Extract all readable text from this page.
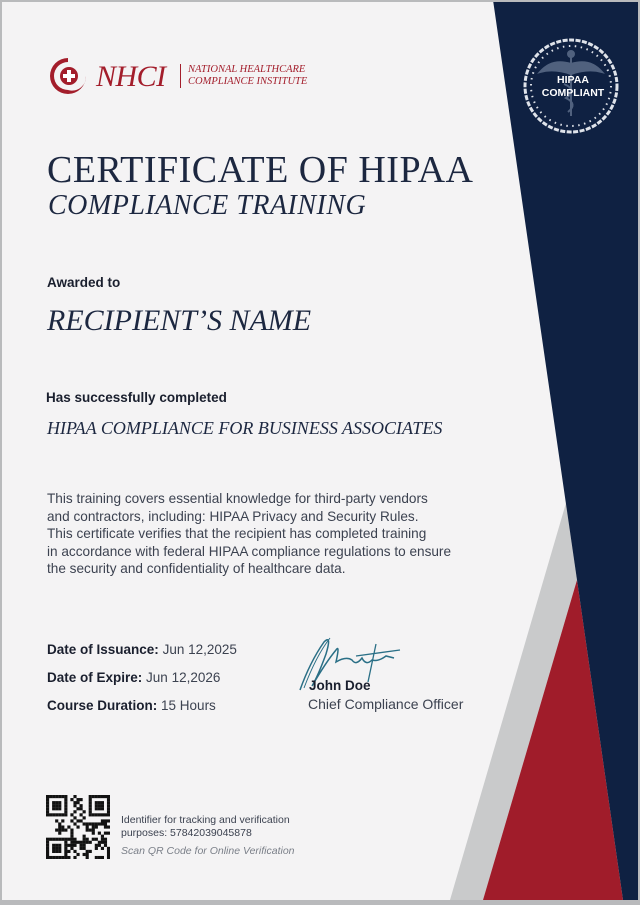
HIPAA
COMPLIANT
NHCI NATIONAL HEALTHCARE
COMPLIANCE INSTITUTE
CERTIFICATE OF HIPAA
COMPLIANCE TRAINING
Awarded to
RECIPIENT’S NAME
Has successfully completed
HIPAA COMPLIANCE FOR BUSINESS ASSOCIATES
This training covers essential knowledge for third-party vendors
and contractors, including: HIPAA Privacy and Security Rules.
This certificate verifies that the recipient has completed training
in accordance with federal HIPAA compliance regulations to ensure
the security and confidentiality of healthcare data.
Date of Issuance: Jun 12,2025
Date of Expire: Jun 12,2026
Course Duration: 15 Hours
John Doe
Chief Compliance Officer
Identifier for tracking and verification
purposes: 57842039045878
Scan QR Code for Online Verification
